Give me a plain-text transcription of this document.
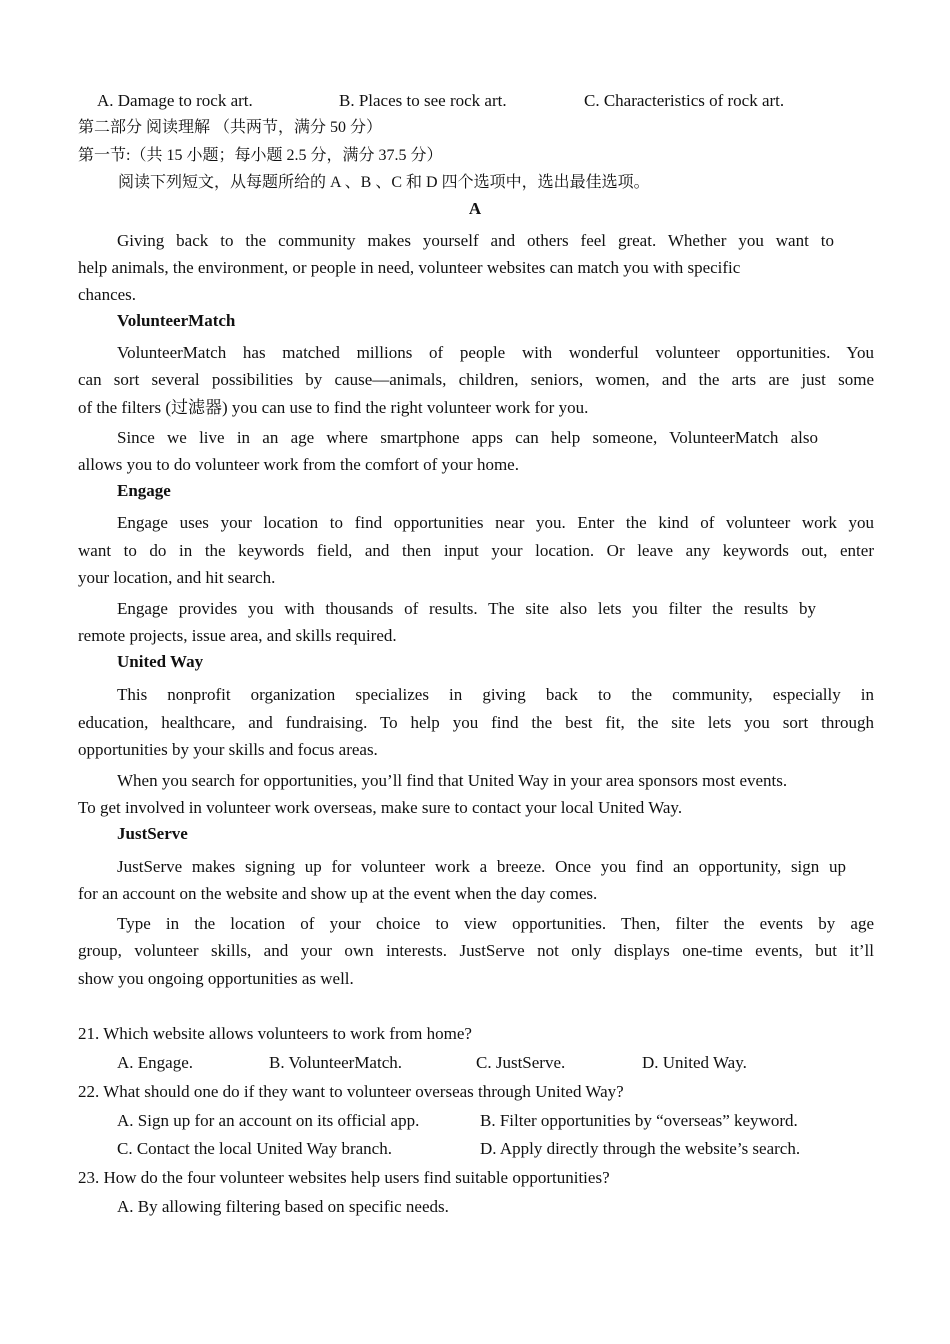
A. Damage to rock art.	B. Places to see rock art.	C. Characteristics of rock art.
第二部分 阅读理解 （共两节，满分 50 分）
第一节:（共 15 小题；每小题 2.5 分，满分 37.5 分）
阅读下列短文，从每题所给的 A 、B 、C 和 D 四个选项中，选出最佳选项。
A
Giving back to the community makes yourself and others feel great. Whether you want to
help animals, the environment, or people in need, volunteer websites can match you with specific
chances.
VolunteerMatch
VolunteerMatch has matched millions of people with wonderful volunteer opportunities. You
can sort several possibilities by cause—animals, children, seniors, women, and the arts are just some
of the filters (过滤器) you can use to find the right volunteer work for you.
Since we live in an age where smartphone apps can help someone, VolunteerMatch also
allows you to do volunteer work from the comfort of your home.
Engage
Engage uses your location to find opportunities near you. Enter the kind of volunteer work you
want to do in the keywords field, and then input your location. Or leave any keywords out, enter
your location, and hit search.
Engage provides you with thousands of results. The site also lets you filter the results by
remote projects, issue area, and skills required.
United Way
This nonprofit organization specializes in giving back to the community, especially in
education, healthcare, and fundraising. To help you find the best fit, the site lets you sort through
opportunities by your skills and focus areas.
When you search for opportunities, you’ll find that United Way in your area sponsors most events.
To get involved in volunteer work overseas, make sure to contact your local United Way.
JustServe
JustServe makes signing up for volunteer work a breeze. Once you find an opportunity, sign up
for an account on the website and show up at the event when the day comes.
Type in the location of your choice to view opportunities. Then, filter the events by age
group, volunteer skills, and your own interests. JustServe not only displays one-time events, but it’ll
show you ongoing opportunities as well.
21. Which website allows volunteers to work from home?
A. Engage.	B. VolunteerMatch.	C. JustServe.	D. United Way.
22. What should one do if they want to volunteer overseas through United Way?
A. Sign up for an account on its official app.	B. Filter opportunities by “overseas” keyword.
C. Contact the local United Way branch.	D. Apply directly through the website’s search.
23. How do the four volunteer websites help users find suitable opportunities?
A. By allowing filtering based on specific needs.
